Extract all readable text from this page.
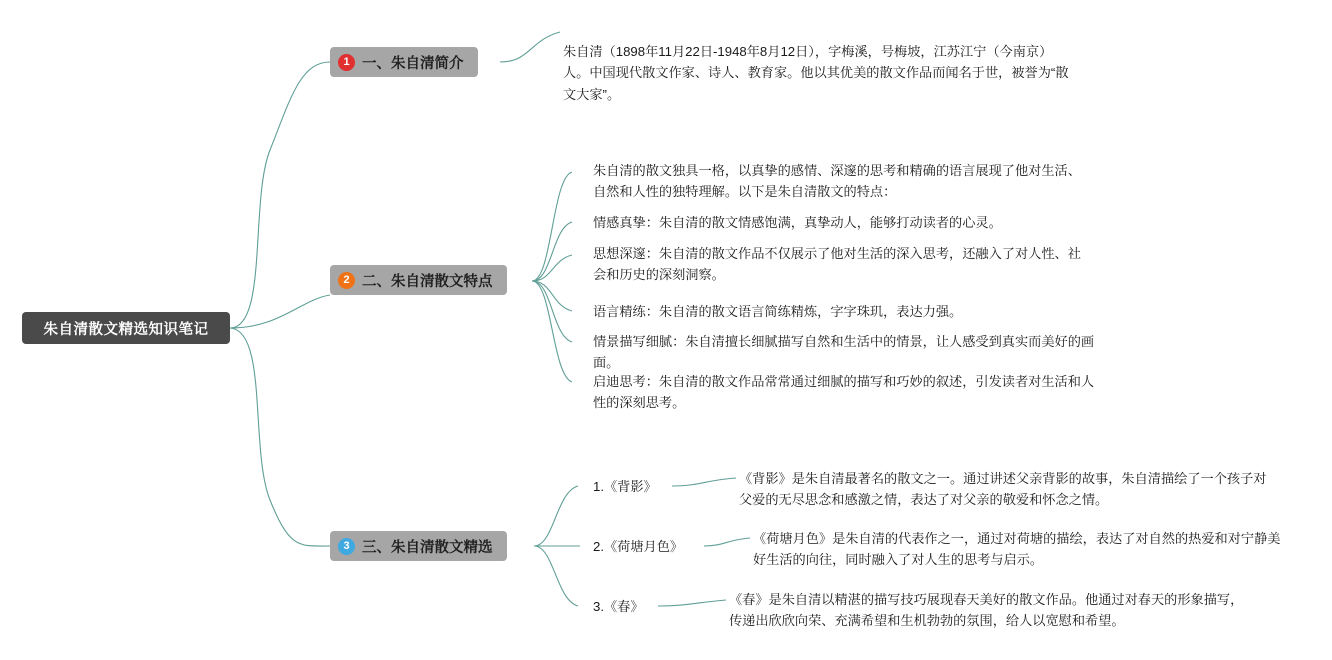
朱自清散文精选知识笔记
1 一、朱自清简介
朱自清（1898年11月22日-1948年8月12日），字梅溪，号梅坡，江苏江宁（今南京）人。中国现代散文作家、诗人、教育家。他以其优美的散文作品而闻名于世，被誉为“散文大家”。
2 二、朱自清散文特点
朱自清的散文独具一格，以真挚的感情、深邃的思考和精确的语言展现了他对生活、自然和人性的独特理解。以下是朱自清散文的特点：
情感真挚：朱自清的散文情感饱满，真挚动人，能够打动读者的心灵。
思想深邃：朱自清的散文作品不仅展示了他对生活的深入思考，还融入了对人性、社会和历史的深刻洞察。
语言精练：朱自清的散文语言简练精炼，字字珠玑，表达力强。
情景描写细腻：朱自清擅长细腻描写自然和生活中的情景，让人感受到真实而美好的画面。
启迪思考：朱自清的散文作品常常通过细腻的描写和巧妙的叙述，引发读者对生活和人性的深刻思考。
3 三、朱自清散文精选
1.《背影》
《背影》是朱自清最著名的散文之一。通过讲述父亲背影的故事，朱自清描绘了一个孩子对父爱的无尽思念和感激之情，表达了对父亲的敬爱和怀念之情。
2.《荷塘月色》
《荷塘月色》是朱自清的代表作之一，通过对荷塘的描绘，表达了对自然的热爱和对宁静美好生活的向往，同时融入了对人生的思考与启示。
3.《春》	《春》是朱自清以精湛的描写技巧展现春天美好的散文作品。他通过对春天的形象描写，传递出欣欣向荣、充满希望和生机勃勃的氛围，给人以宽慰和希望。
